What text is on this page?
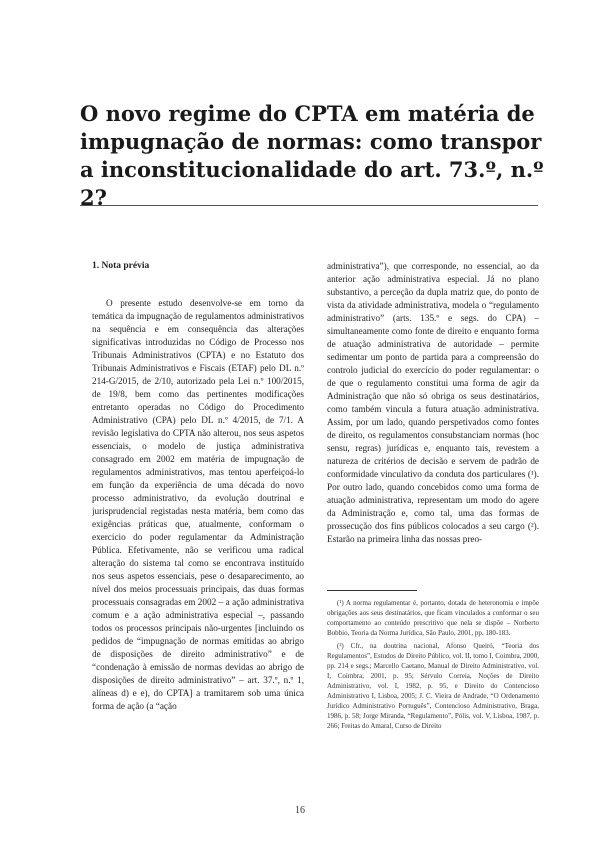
O novo regime do CPTA em matéria de impugnação de normas: como transpor a inconstitucionalidade do art. 73.º, n.º 2?

1. Nota prévia

O presente estudo desenvolve-se em torno da temática da impugnação de regulamentos administrativos na sequência e em consequência das alterações significativas introduzidas no Código de Processo nos Tribunais Administrativos (CPTA) e no Estatuto dos Tribunais Administrativos e Fiscais (ETAF) pelo DL n.º 214-G/2015, de 2/10, autorizado pela Lei n.º 100/2015, de 19/8, bem como das pertinentes modificações entretanto operadas no Código do Procedimento Administrativo (CPA) pelo DL n.º 4/2015, de 7/1. A revisão legislativa do CPTA não alterou, nos seus aspetos essenciais, o modelo de justiça administrativa consagrado em 2002 em matéria de impugnação de regulamentos administrativos, mas tentou aperfeiçoá-lo em função da experiência de uma década do novo processo administrativo, da evolução doutrinal e jurisprudencial registadas nesta matéria, bem como das exigências práticas que, atualmente, conformam o exercício do poder regulamentar da Administração Pública. Efetivamente, não se verificou uma radical alteração do sistema tal como se encontrava instituído nos seus aspetos essenciais, pese o desaparecimento, ao nível dos meios processuais principais, das duas formas processuais consagradas em 2002 – a ação administrativa comum e a ação administrativa especial –, passando todos os processos principais não-urgentes [incluindo os pedidos de “impugnação de normas emitidas ao abrigo de disposições de direito administrativo” e de “condenação à emissão de normas devidas ao abrigo de disposições de direito administrativo” – art. 37.º, n.º 1, alíneas d) e e), do CPTA] a tramitarem sob uma única forma de ação (a “ação

administrativa”), que corresponde, no essencial, ao da anterior ação administrativa especial. Já no plano substantivo, a perceção da dupla matriz que, do ponto de vista da atividade administrativa, modela o “regulamento administrativo” (arts. 135.º e segs. do CPA) – simultaneamente como fonte de direito e enquanto forma de atuação administrativa de autoridade – permite sedimentar um ponto de partida para a compreensão do controlo judicial do exercício do poder regulamentar: o de que o regulamento constitui uma forma de agir da Administração que não só obriga os seus destinatários, como também vincula a futura atuação administrativa. Assim, por um lado, quando perspetivados como fontes de direito, os regulamentos consubstanciam normas (hoc sensu, regras) jurídicas e, enquanto tais, revestem a natureza de critérios de decisão e servem de padrão de conformidade vinculativo da conduta dos particulares (¹). Por outro lado, quando concebidos como uma forma de atuação administrativa, representam um modo do agere da Administração e, como tal, uma das formas de prossecução dos fins públicos colocados a seu cargo (²). Estarão na primeira linha das nossas preo-

(¹) A norma regulamentar é, portanto, dotada de heteronomia e impõe obrigações aos seus destinatários, que ficam vinculados a conformar o seu comportamento ao conteúdo prescritivo que nela se dispõe – Norberto Bobbio, Teoria da Norma Jurídica, São Paulo, 2001, pp. 180-183.

(²) Cfr., na doutrina nacional, Afonso Queiró, “Teoria dos Regulamentos”, Estudos de Direito Público, vol. II, tomo I, Coimbra, 2000, pp. 214 e segs.; Marcello Caetano, Manual de Direito Administrativo, vol. I, Coimbra, 2001, p. 95; Sérvulo Correia, Noções de Direito Administrativo, vol. I, 1982, p. 95, e Direito do Contencioso Administrativo I, Lisboa, 2005; J. C. Vieira de Andrade, “O Ordenamento Jurídico Administrativo Português”, Contencioso Administrativo, Braga, 1986, p. 58; Jorge Miranda, “Regulamento”, Pólis, vol. V, Lisboa, 1987, p. 266; Freitas do Amaral, Curso de Direito

16
